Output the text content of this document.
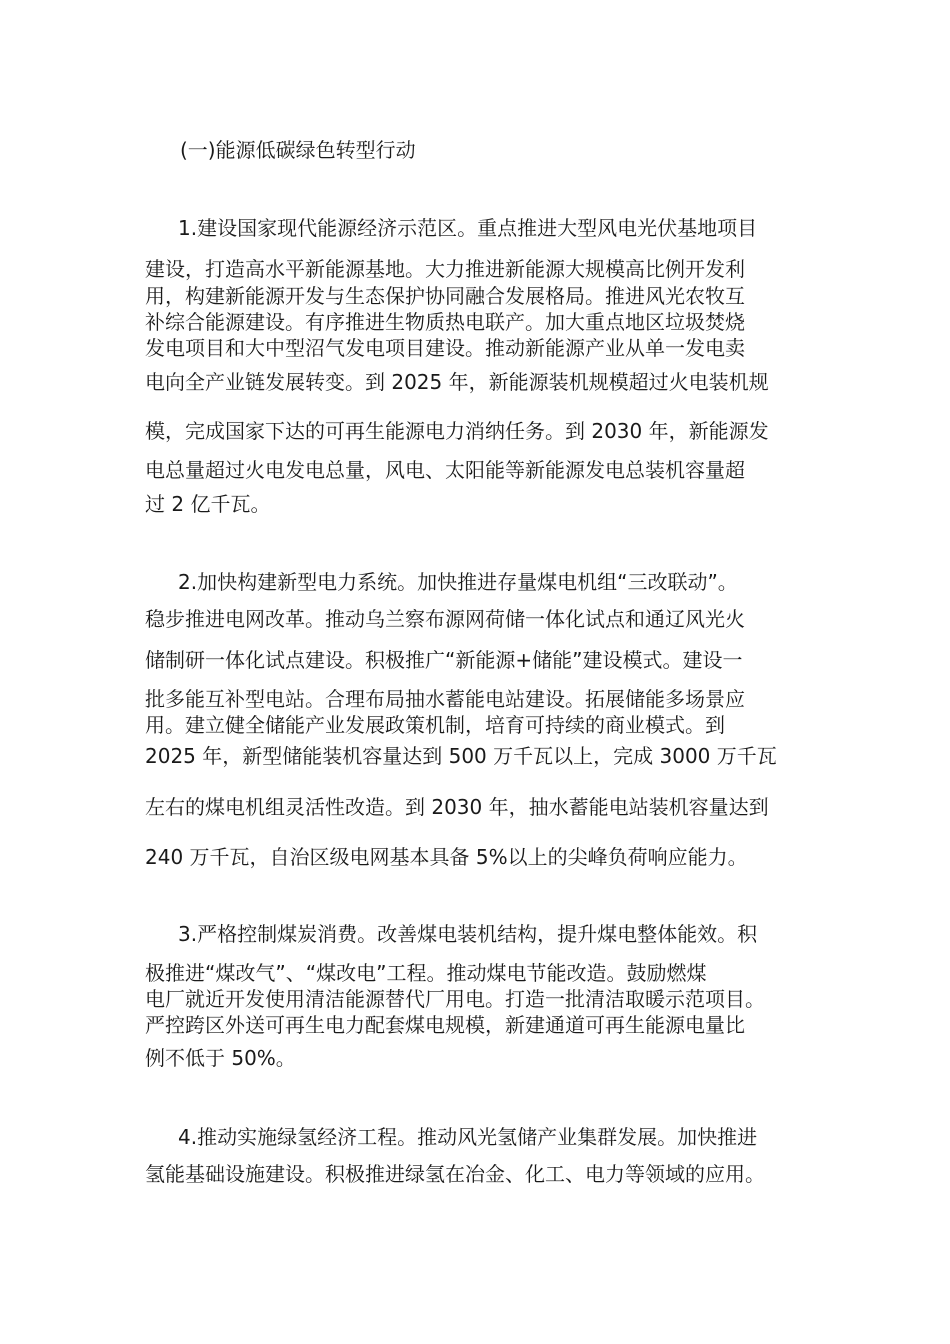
(一)能源低碳绿色转型行动
1.建设国家现代能源经济示范区。重点推进大型风电光伏基地项目
建设，打造高水平新能源基地。大力推进新能源大规模高比例开发利
用，构建新能源开发与生态保护协同融合发展格局。推进风光农牧互
补综合能源建设。有序推进生物质热电联产。加大重点地区垃圾焚烧
发电项目和大中型沼气发电项目建设。推动新能源产业从单一发电卖
电向全产业链发展转变。到 2025 年，新能源装机规模超过火电装机规
模，完成国家下达的可再生能源电力消纳任务。到 2030 年，新能源发
电总量超过火电发电总量，风电、太阳能等新能源发电总装机容量超
过 2 亿千瓦。
2.加快构建新型电力系统。加快推进存量煤电机组“三改联动”。
稳步推进电网改革。推动乌兰察布源网荷储一体化试点和通辽风光火
储制研一体化试点建设。积极推广“新能源+储能”建设模式。建设一
批多能互补型电站。合理布局抽水蓄能电站建设。拓展储能多场景应
用。建立健全储能产业发展政策机制，培育可持续的商业模式。到
2025 年，新型储能装机容量达到 500 万千瓦以上，完成 3000 万千瓦
左右的煤电机组灵活性改造。到 2030 年，抽水蓄能电站装机容量达到
240 万千瓦，自治区级电网基本具备 5%以上的尖峰负荷响应能力。
3.严格控制煤炭消费。改善煤电装机结构，提升煤电整体能效。积
极推进“煤改气”、“煤改电”工程。推动煤电节能改造。鼓励燃煤
电厂就近开发使用清洁能源替代厂用电。打造一批清洁取暖示范项目。
严控跨区外送可再生电力配套煤电规模，新建通道可再生能源电量比
例不低于 50%。
4.推动实施绿氢经济工程。推动风光氢储产业集群发展。加快推进
氢能基础设施建设。积极推进绿氢在冶金、化工、电力等领域的应用。
